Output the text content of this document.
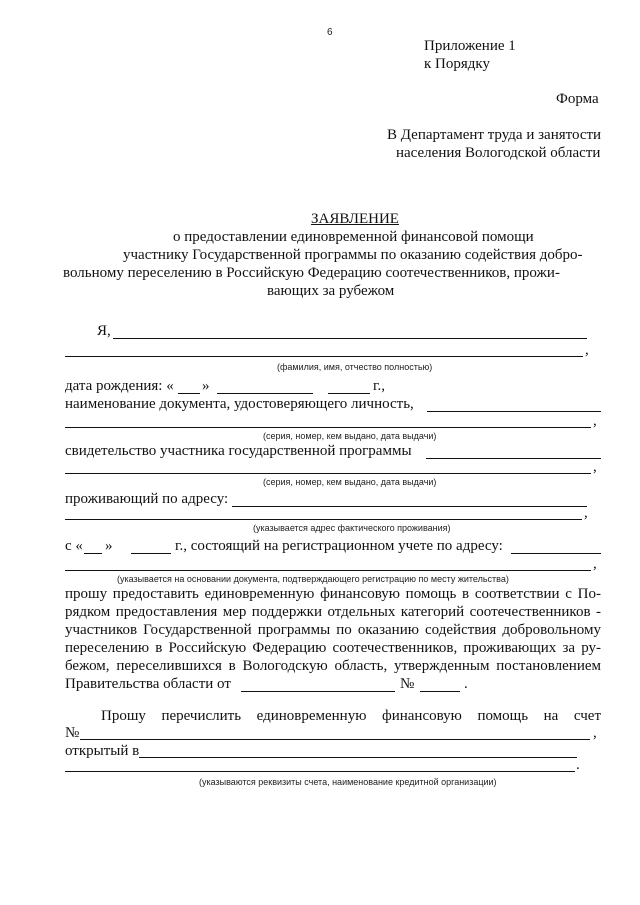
6
Приложение 1
к Порядку
Форма
В Департамент труда и занятости
населения Вологодской области
ЗАЯВЛЕНИЕ
о предоставлении единовременной финансовой помощи
участнику Государственной программы по оказанию содействия добро-
вольному переселению в Российскую Федерацию соотечественников, прожи-
вающих за рубежом
Я,
,
(фамилия, имя, отчество полностью)
дата рождения: « »	г.,
наименование документа, удостоверяющего личность,
,
(серия, номер, кем выдано, дата выдачи)
свидетельство участника государственной программы
,
(серия, номер, кем выдано, дата выдачи)
проживающий по адресу:
,
(указывается адрес фактического проживания)
с « »	г., состоящий на регистрационном учете по адресу:
,
(указывается на основании документа, подтверждающего регистрацию по месту жительства)
прошу предоставить единовременную финансовую помощь в соответствии с По-
рядком предоставления мер поддержки отдельных категорий соотечественников -
участников Государственной программы по оказанию содействия добровольному
переселению в Российскую Федерацию соотечественников, проживающих за ру-
бежом, переселившихся в Вологодскую область, утвержденным постановлением
Правительства области от	№	.
Прошу перечислить единовременную финансовую помощь на счет
№	,
открытый в
.
(указываются реквизиты счета, наименование кредитной организации)
